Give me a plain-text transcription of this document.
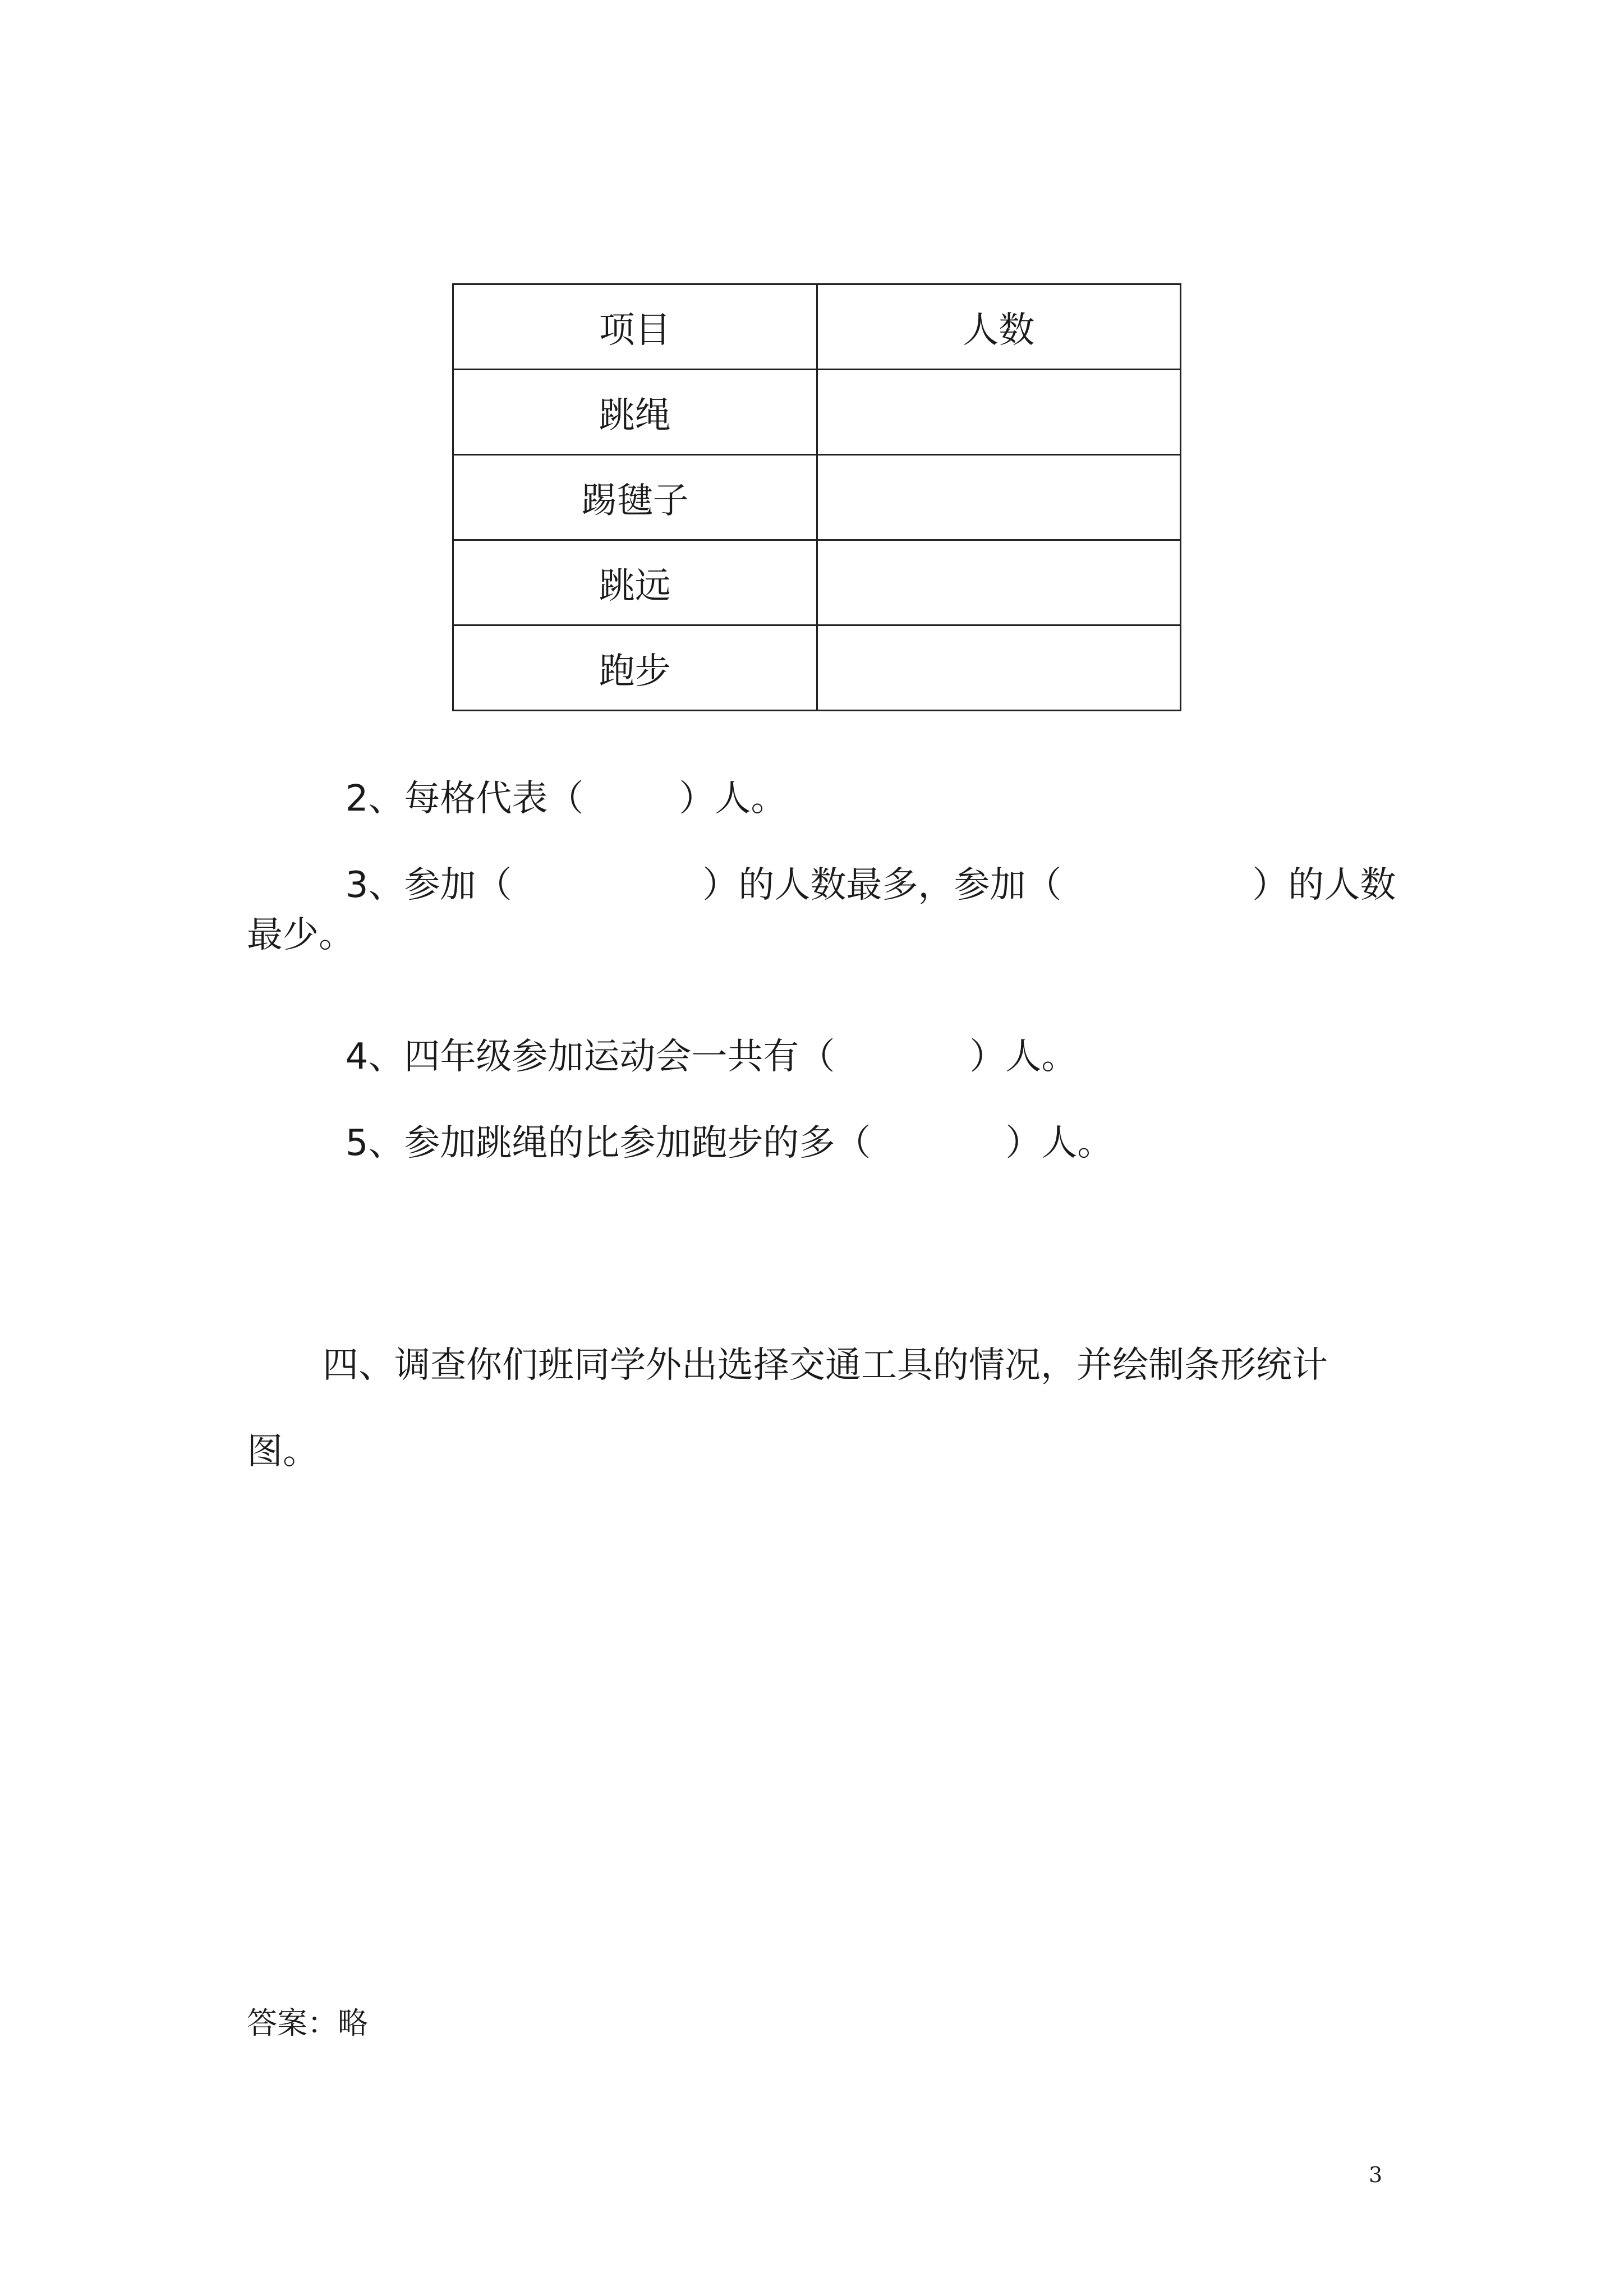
项目	人数
跳绳	
踢毽子	
跳远	
跑步	

2、每格代表（	）人。

3、参加（	）的人数最多，参加（	）的人数

最少。

4、四年级参加运动会一共有（	）人。

5、参加跳绳的比参加跑步的多（	）人。

四、调查你们班同学外出选择交通工具的情况，并绘制条形统计
图。
答案：略
3
